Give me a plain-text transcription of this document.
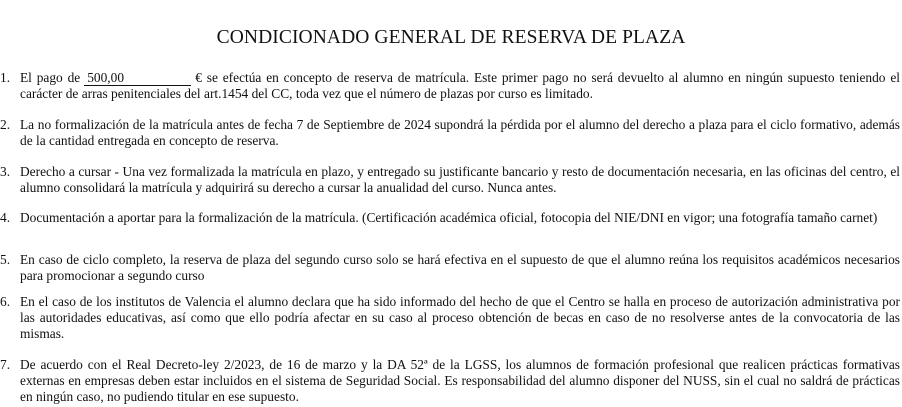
CONDICIONADO GENERAL DE RESERVA DE PLAZA
1. El pago de 500,00	€ se efectúa en concepto de reserva de matrícula. Este primer pago no será devuelto al alumno en ningún supuesto teniendo el carácter de arras penitenciales del art.1454 del CC, toda vez que el número de plazas por curso es limitado.
2. La no formalización de la matrícula antes de fecha 7 de Septiembre de 2024 supondrá la pérdida por el alumno del derecho a plaza para el ciclo formativo, además de la cantidad entregada en concepto de reserva.
3. Derecho a cursar - Una vez formalizada la matrícula en plazo, y entregado su justificante bancario y resto de documentación necesaria, en las oficinas del centro, el alumno consolidará la matrícula y adquirirá su derecho a cursar la anualidad del curso. Nunca antes.
4. Documentación a aportar para la formalización de la matrícula. (Certificación académica oficial, fotocopia del NIE/DNI en vigor; una fotografía tamaño carnet)
5. En caso de ciclo completo, la reserva de plaza del segundo curso solo se hará efectiva en el supuesto de que el alumno reúna los requisitos académicos necesarios para promocionar a segundo curso
6. En el caso de los institutos de Valencia el alumno declara que ha sido informado del hecho de que el Centro se halla en proceso de autorización administrativa por las autoridades educativas, así como que ello podría afectar en su caso al proceso obtención de becas en caso de no resolverse antes de la convocatoria de las mismas.
7. De acuerdo con el Real Decreto-ley 2/2023, de 16 de marzo y la DA 52ª de la LGSS, los alumnos de formación profesional que realicen prácticas formativas externas en empresas deben estar incluidos en el sistema de Seguridad Social. Es responsabilidad del alumno disponer del NUSS, sin el cual no saldrá de prácticas en ningún caso, no pudiendo titular en ese supuesto.
